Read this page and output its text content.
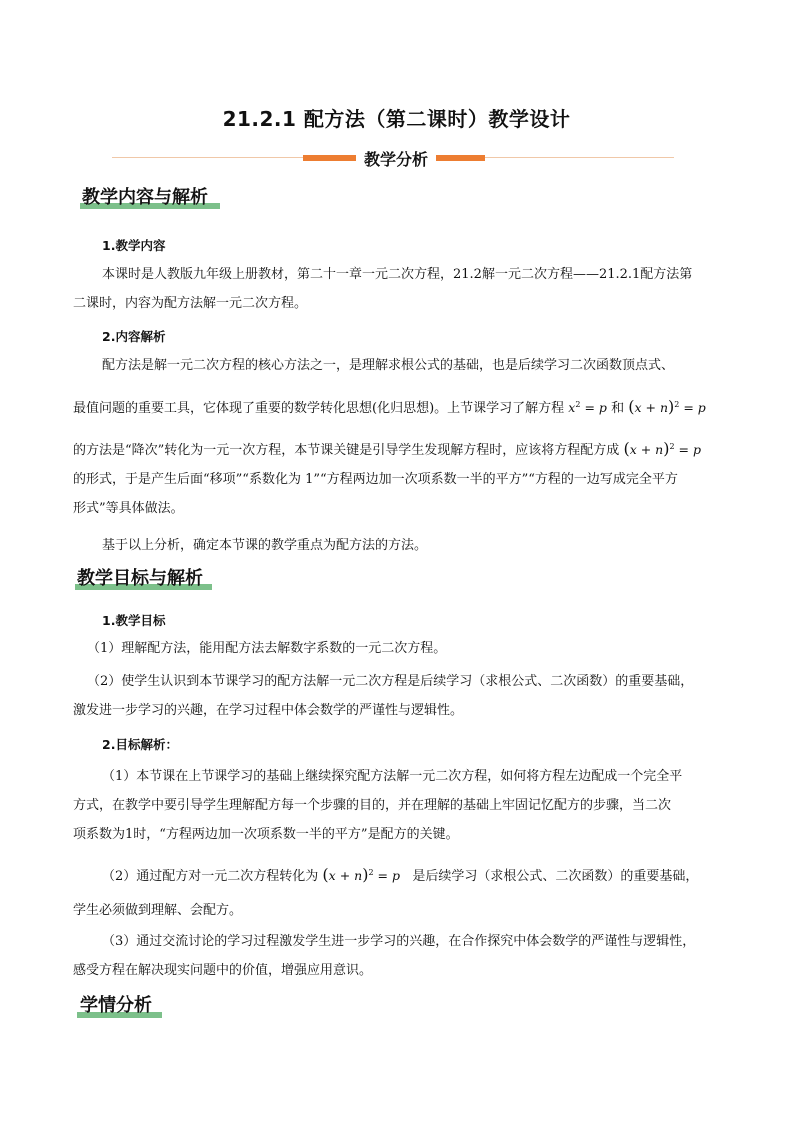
21.2.1 配方法（第二课时）教学设计
教学分析
教学内容与解析
1.教学内容
本课时是人教版九年级上册教材，第二十一章一元二次方程，21.2解一元二次方程——21.2.1配方法第
二课时，内容为配方法解一元二次方程。
2.内容解析
配方法是解一元二次方程的核心方法之一，是理解求根公式的基础，也是后续学习二次函数顶点式、
最值问题的重要工具，它体现了重要的数学转化思想(化归思想)。上节课学习了解方程 $x^2 = p$ 和 $(x + n)^2 = p$
的方法是“降次”转化为一元一次方程，本节课关键是引导学生发现解方程时，应该将方程配方成 $(x + n)^2 = p$
的形式，于是产生后面“移项”“系数化为 1”“方程两边加一次项系数一半的平方”“方程的一边写成完全平方
形式”等具体做法。
基于以上分析，确定本节课的教学重点为配方法的方法。
教学目标与解析
1.教学目标
（1）理解配方法，能用配方法去解数字系数的一元二次方程。
（2）使学生认识到本节课学习的配方法解一元二次方程是后续学习（求根公式、二次函数）的重要基础，
激发进一步学习的兴趣，在学习过程中体会数学的严谨性与逻辑性。
2.目标解析：
（1）本节课在上节课学习的基础上继续探究配方法解一元二次方程，如何将方程左边配成一个完全平
方式，在教学中要引导学生理解配方每一个步骤的目的，并在理解的基础上牢固记忆配方的步骤，当二次
项系数为1时，“方程两边加一次项系数一半的平方”是配方的关键。
（2）通过配方对一元二次方程转化为 $(x + n)^2 = p$ 是后续学习（求根公式、二次函数）的重要基础，
学生必须做到理解、会配方。
（3）通过交流讨论的学习过程激发学生进一步学习的兴趣，在合作探究中体会数学的严谨性与逻辑性，
感受方程在解决现实问题中的价值，增强应用意识。
学情分析
